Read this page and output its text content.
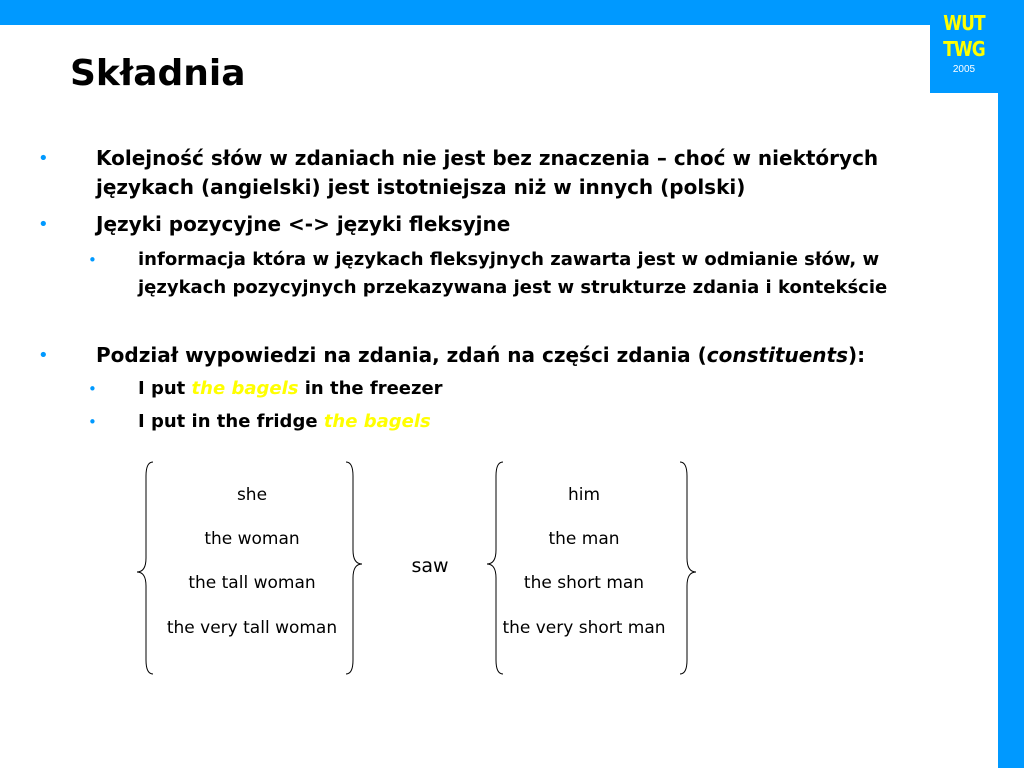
WUT
TWG
2005
Składnia
• Kolejność słów w zdaniach nie jest bez znaczenia – choć w niektórych językach (angielski) jest istotniejsza niż w innych (polski)
• Języki pozycyjne <-> języki fleksyjne
• informacja która w językach fleksyjnych zawarta jest w odmianie słów, w językach pozycyjnych przekazywana jest w strukturze zdania i kontekście
• Podział wypowiedzi na zdania, zdań na części zdania (constituents):
• I put the bagels in the freezer
• I put in the fridge the bagels
she
the woman
the tall woman
the very tall woman
saw
him
the man
the short man
the very short man
